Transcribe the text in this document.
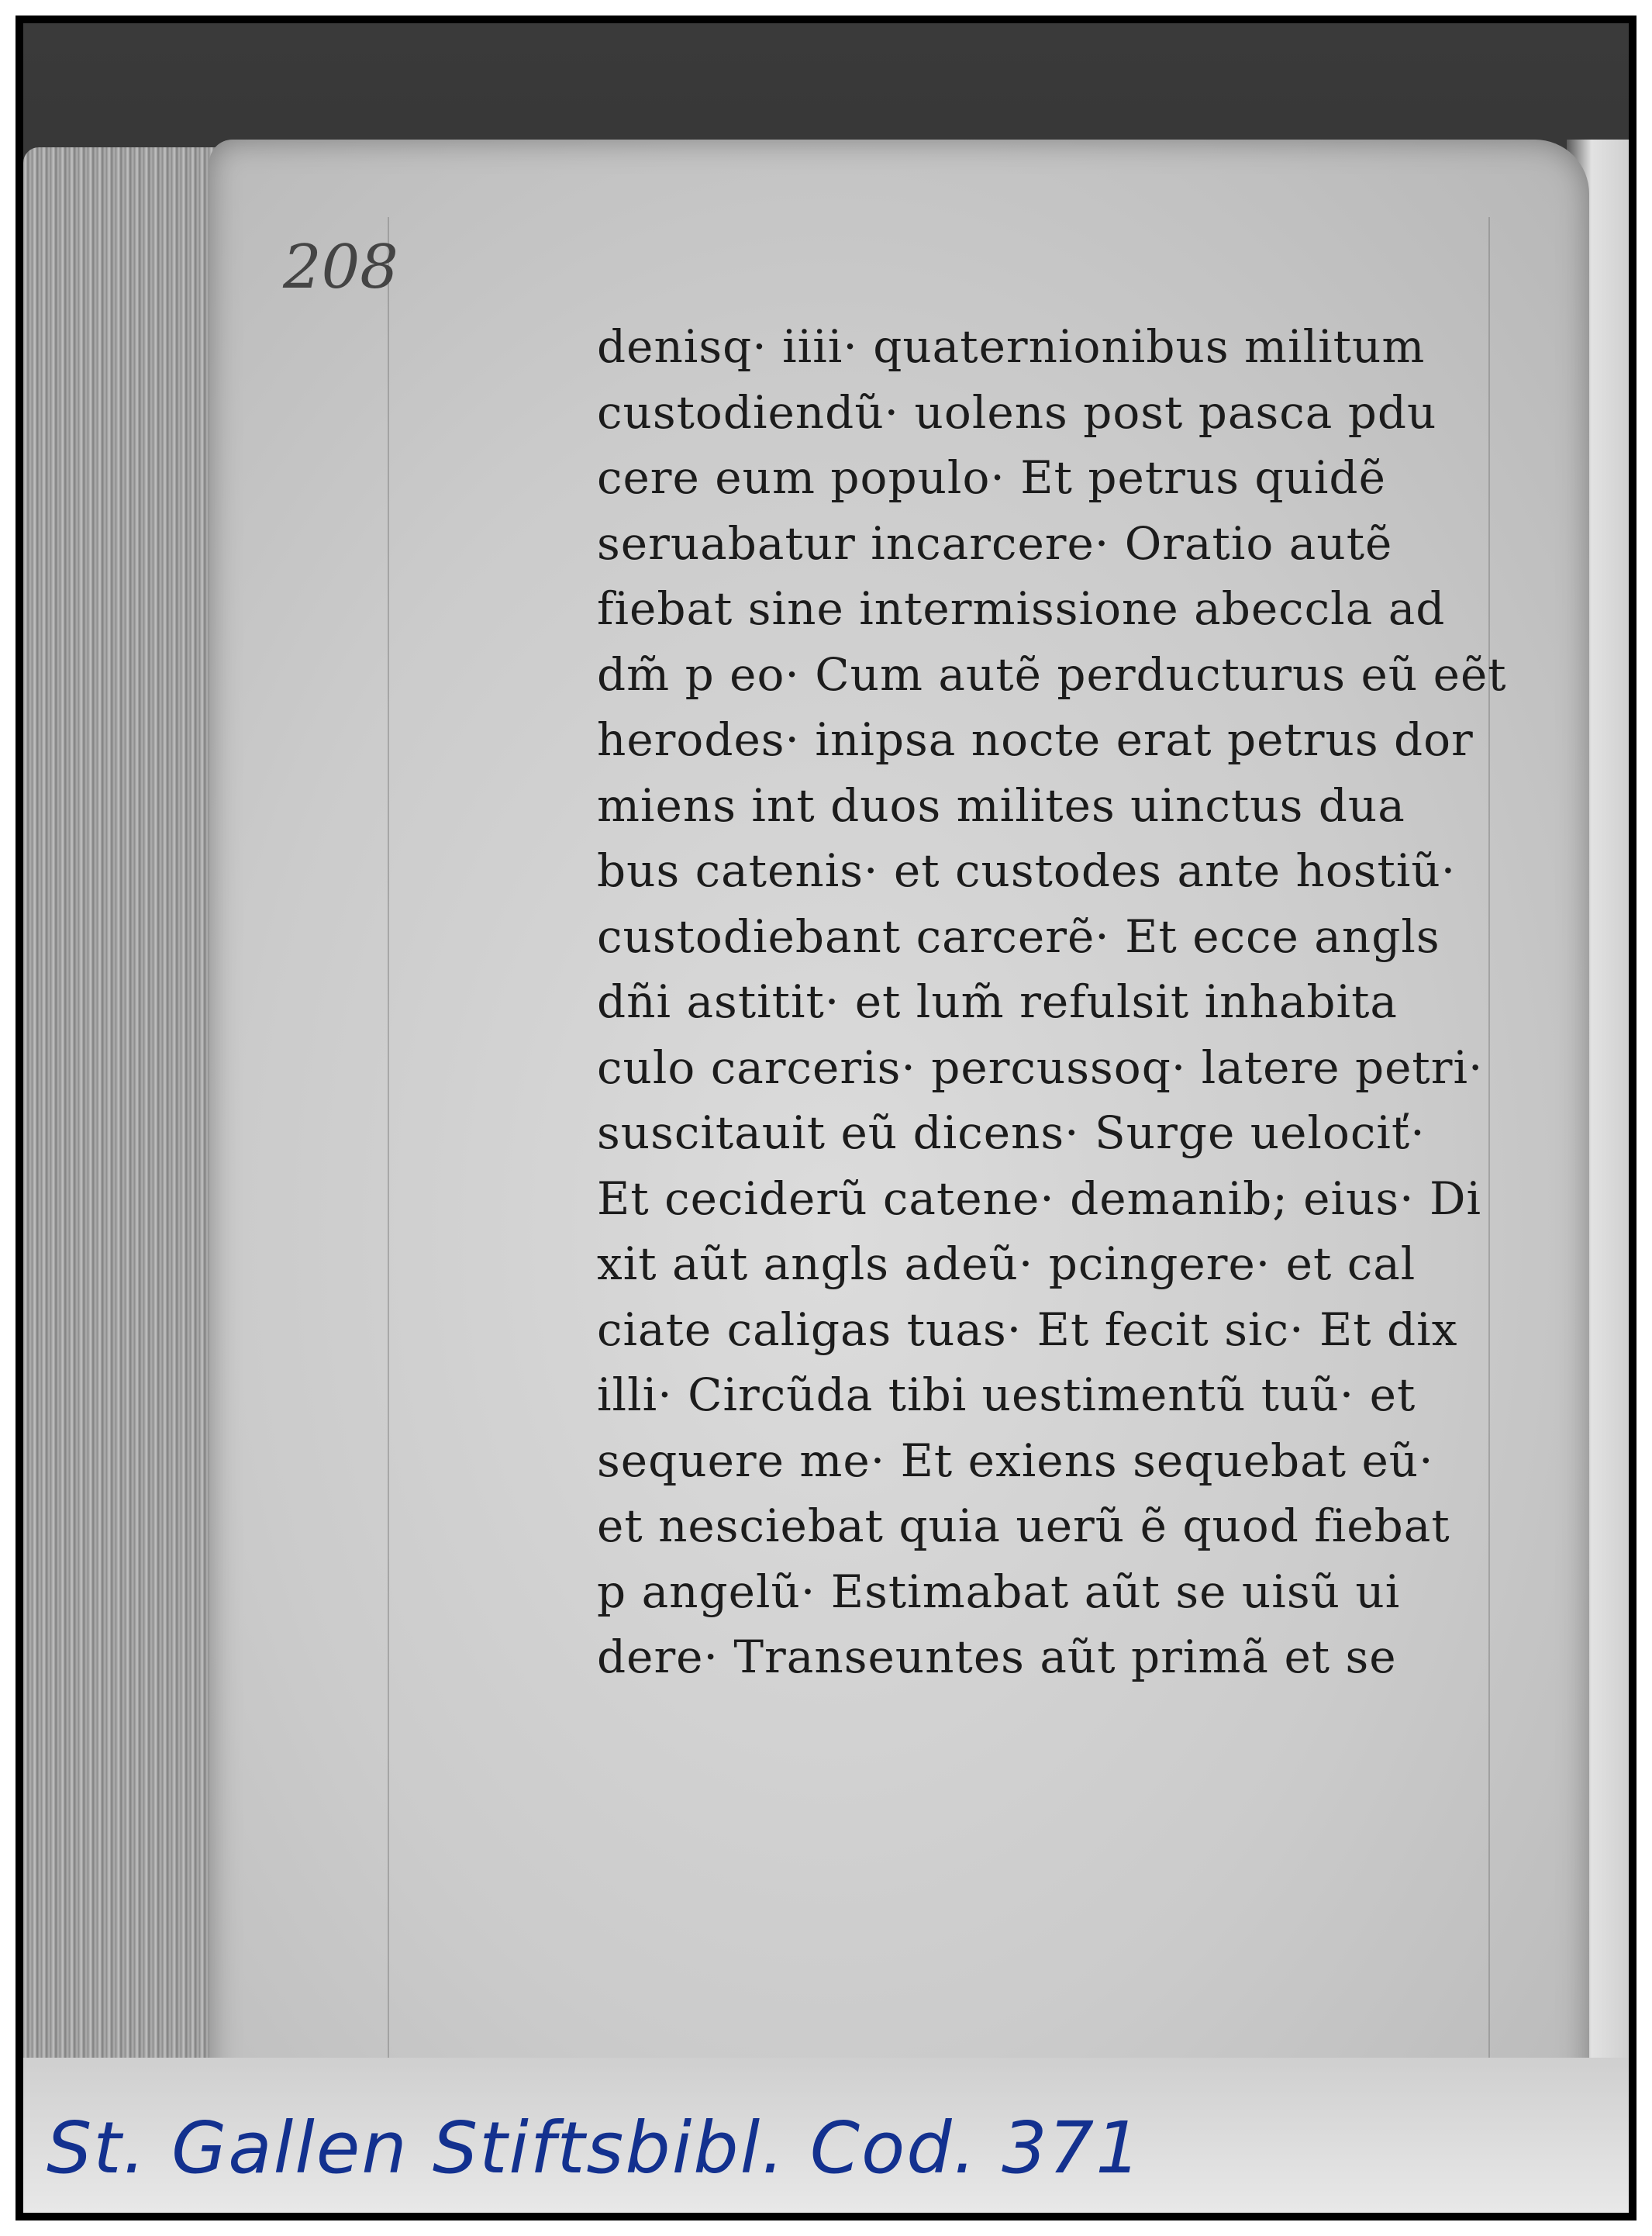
208
denisq· iiii· quaternionibus militum
custodiendũ· uolens post pasca pdu
cere eum populo· Et petrus quidẽ
seruabatur incarcere· Oratio autẽ
fiebat sine intermissione abeccla ad
dm̃ p eo· Cum autẽ perducturus eũ eẽt
herodes· inipsa nocte erat petrus dor
miens int duos milites uinctus dua
bus catenis· et custodes ante hostiũ·
custodiebant carcerẽ· Et ecce angls
dñi astitit· et lum̃ refulsit inhabita
culo carceris· percussoq· latere petri·
suscitauit eũ dicens· Surge uelociť·
Et ceciderũ catene· demanib; eius· Di
xit aũt angls adeũ· pcingere· et cal
ciate caligas tuas· Et fecit sic· Et dix
illi· Circũda tibi uestimentũ tuũ· et
sequere me· Et exiens sequebat eũ·
et nesciebat quia uerũ ẽ quod fiebat
p angelũ· Estimabat aũt se uisũ ui
dere· Transeuntes aũt primã et se
St. Gallen Stiftsbibl. Cod. 371
